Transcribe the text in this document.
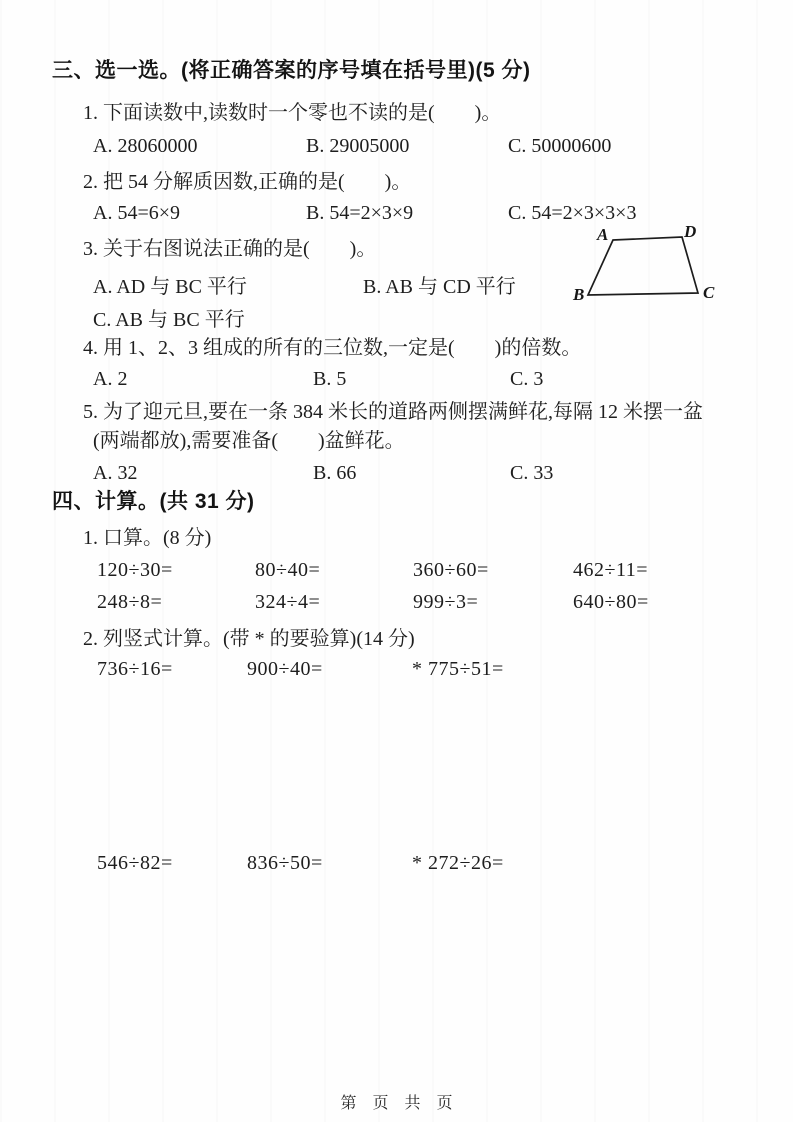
三、选一选。(将正确答案的序号填在括号里)(5 分)
1. 下面读数中,读数时一个零也不读的是(　　)。
A. 28060000	B. 29005000	C. 50000600
2. 把 54 分解质因数,正确的是(　　)。
A. 54=6×9	B. 54=2×3×9	C. 54=2×3×3×3
3. 关于右图说法正确的是(　　)。
A. AD 与 BC 平行	B. AB 与 CD 平行
C. AB 与 BC 平行
A	D
B	C
4. 用 1、2、3 组成的所有的三位数,一定是(　　)的倍数。
A. 2	B. 5	C. 3
5. 为了迎元旦,要在一条 384 米长的道路两侧摆满鲜花,每隔 12 米摆一盆
(两端都放),需要准备(　　)盆鲜花。
A. 32	B. 66	C. 33
四、计算。(共 31 分)
1. 口算。(8 分)
120÷30=	80÷40=	360÷60=	462÷11=
248÷8=	324÷4=	999÷3=	640÷80=
2. 列竖式计算。(带 * 的要验算)(14 分)
736÷16=	900÷40=	* 775÷51=
546÷82=	836÷50=	* 272÷26=
第　页　共　页
